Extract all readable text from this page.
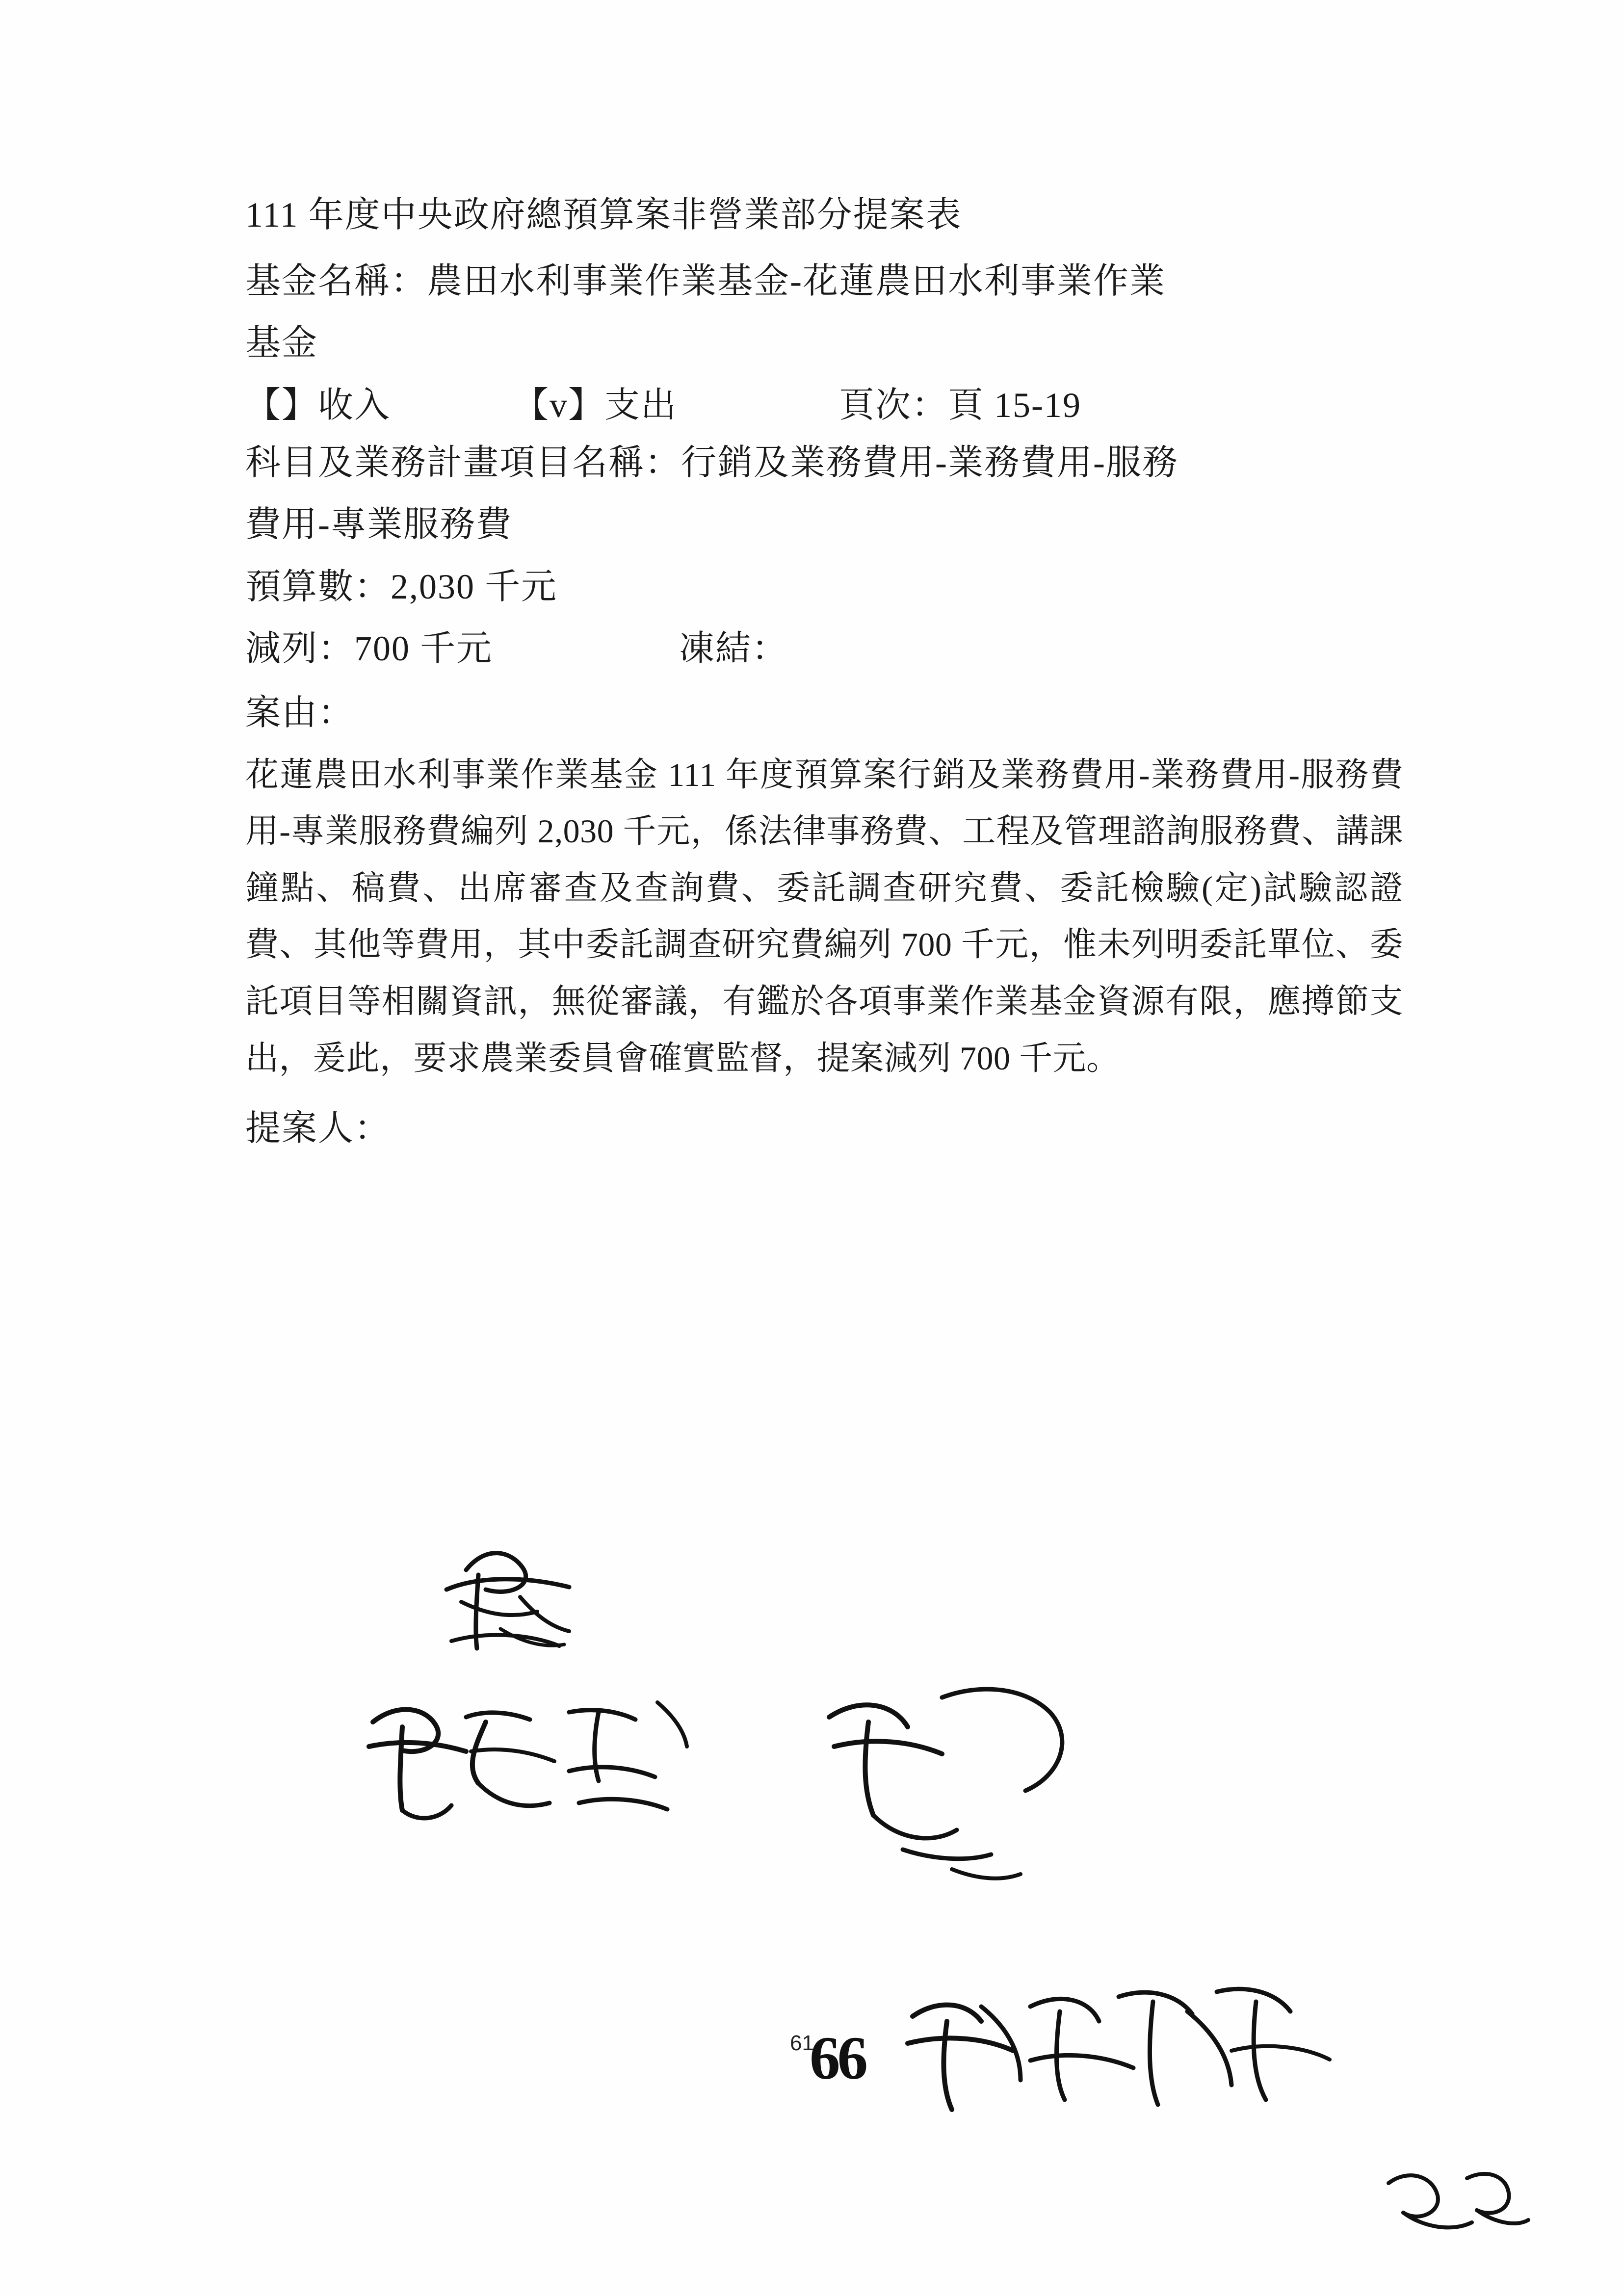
111 年度中央政府總預算案非營業部分提案表
基金名稱：農田水利事業作業基金-花蓮農田水利事業作業
基金
【】收入	【v】支出	頁次：頁 15-19
科目及業務計畫項目名稱：行銷及業務費用-業務費用-服務
費用-專業服務費
預算數：2,030 千元
減列：700 千元	凍結：
案由：
花蓮農田水利事業作業基金 111 年度預算案行銷及業務費用-業務費用-服務費用-專業服務費編列 2,030 千元，係法律事務費、工程及管理諮詢服務費、講課鐘點、稿費、出席審查及查詢費、委託調查研究費、委託檢驗(定)試驗認證費、其他等費用，其中委託調查研究費編列 700 千元，惟未列明委託單位、委託項目等相關資訊，無從審議，有鑑於各項事業作業基金資源有限，應撙節支出，爰此，要求農業委員會確實監督，提案減列 700 千元。
提案人：
61
66
